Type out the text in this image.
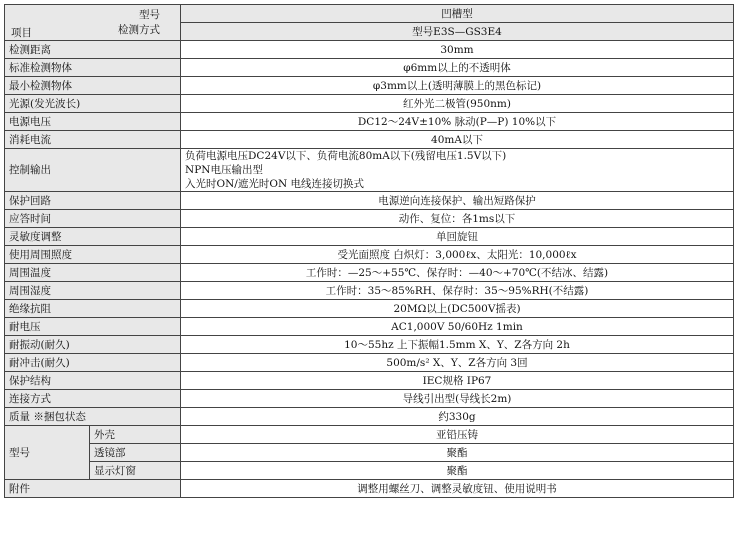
型号
检测方式
项目		凹槽型
		型号E3S—GS3E4
检测距离		30mm
标准检测物体		φ6mm以上的不透明体
最小检测物体		φ3mm以上(透明薄膜上的黑色标记)
光源(发光波长)		红外光二极管(950nm)
电源电压		DC12～24V±10% 脉动(P—P) 10%以下
消耗电流		40mA以下
控制输出		负荷电源电压DC24V以下、负荷电流80mA以下(残留电压1.5V以下)
NPN电压输出型
入光时ON/遮光时ON 电线连接切换式

保护回路		电源逆向连接保护、输出短路保护
应答时间		动作、复位：各1ms以下
灵敏度调整		单回旋钮
使用周围照度		受光面照度 白炽灯：3,000ℓx、太阳光：10,000ℓx
周围温度		工作时：—25～+55℃、保存时：—40～+70℃(不结冰、结露)
周围湿度		工作时：35～85%RH、保存时：35～95%RH(不结露)
绝缘抗阻		20MΩ以上(DC500V摇表)
耐电压		AC1,000V 50/60Hz 1min
耐振动(耐久)		10～55hz 上下振幅1.5mm X、Y、Z各方向 2h
耐冲击(耐久)		500m/s² X、Y、Z各方向 3回
保护结构		IEC规格 IP67
连接方式		导线引出型(导线长2m)
质量 ※捆包状态		约330g
型号	外壳	亚铅压铸
	透镜部	聚酯
	显示灯窗	聚酯
附件		调整用螺丝刀、调整灵敏度钮、使用说明书
